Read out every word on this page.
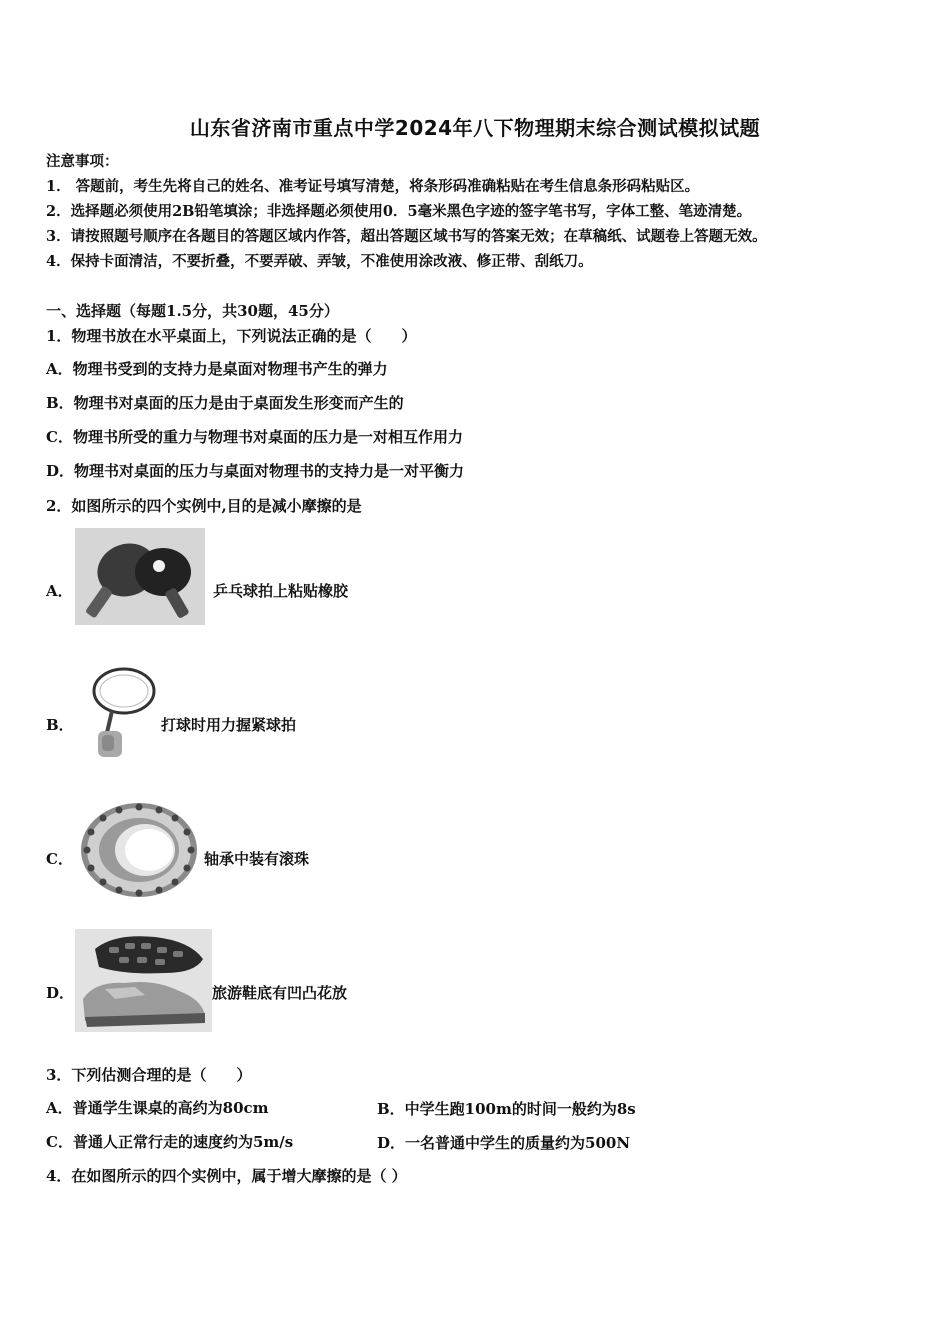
山东省济南市重点中学2024年八下物理期末综合测试模拟试题
注意事项：
1． 答题前，考生先将自己的姓名、准考证号填写清楚，将条形码准确粘贴在考生信息条形码粘贴区。
2．选择题必须使用2B铅笔填涂；非选择题必须使用0．5毫米黑色字迹的签字笔书写，字体工整、笔迹清楚。
3．请按照题号顺序在各题目的答题区域内作答，超出答题区域书写的答案无效；在草稿纸、试题卷上答题无效。
4．保持卡面清洁，不要折叠，不要弄破、弄皱，不准使用涂改液、修正带、刮纸刀。
一、选择题（每题1.5分，共30题，45分）
1．物理书放在水平桌面上，下列说法正确的是（　　）
A．物理书受到的支持力是桌面对物理书产生的弹力
B．物理书对桌面的压力是由于桌面发生形变而产生的
C．物理书所受的重力与物理书对桌面的压力是一对相互作用力
D．物理书对桌面的压力与桌面对物理书的支持力是一对平衡力
2．如图所示的四个实例中,目的是减小摩擦的是
A．	乒乓球拍上粘贴橡胶
B．	打球时用力握紧球拍
C．	轴承中装有滚珠
D．	旅游鞋底有凹凸花放
3．下列估测合理的是（　　）
A．普通学生课桌的高约为80cm	B．中学生跑100m的时间一般约为8s
C．普通人正常行走的速度约为5m/s	D．一名普通中学生的质量约为500N
4．在如图所示的四个实例中，属于增大摩擦的是（ ）
